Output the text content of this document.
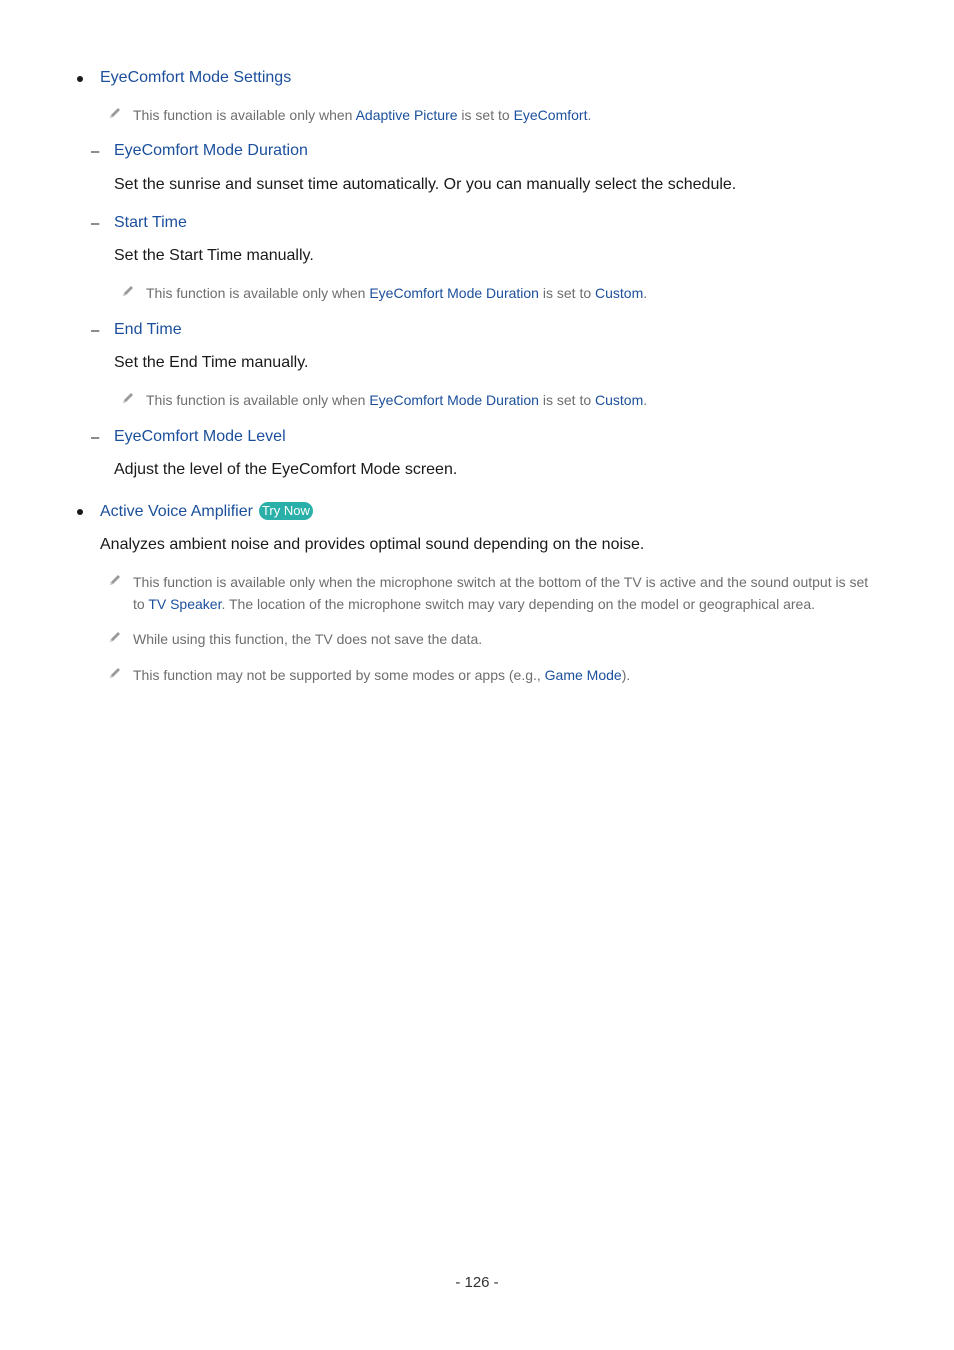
EyeComfort Mode Settings
This function is available only when Adaptive Picture is set to EyeComfort.
– EyeComfort Mode Duration
Set the sunrise and sunset time automatically. Or you can manually select the schedule.
– Start Time
Set the Start Time manually.
This function is available only when EyeComfort Mode Duration is set to Custom.
– End Time
Set the End Time manually.
This function is available only when EyeComfort Mode Duration is set to Custom.
– EyeComfort Mode Level
Adjust the level of the EyeComfort Mode screen.
Active Voice Amplifier Try Now
Analyzes ambient noise and provides optimal sound depending on the noise.
This function is available only when the microphone switch at the bottom of the TV is active and the sound output is set
to TV Speaker. The location of the microphone switch may vary depending on the model or geographical area.
While using this function, the TV does not save the data.
This function may not be supported by some modes or apps (e.g., Game Mode).
- 126 -
